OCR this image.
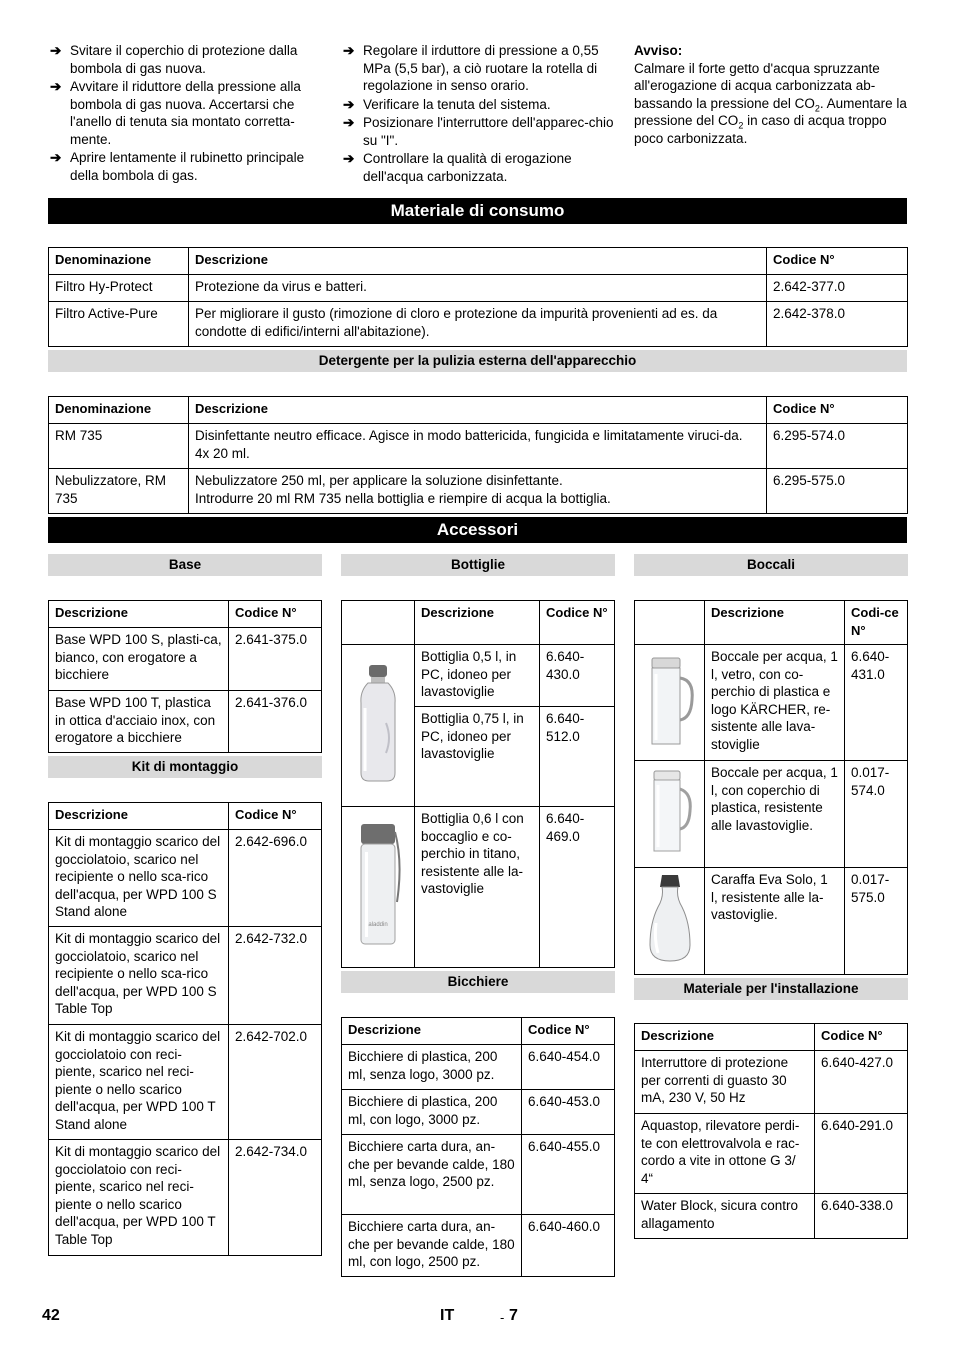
➔ Svitare il coperchio di protezione dalla bombola di gas nuova.
➔ Avvitare il riduttore della pressione alla bombola di gas nuova. Accertarsi che l'anello di tenuta sia montato corretta-mente.
➔ Aprire lentamente il rubinetto principale della bombola di gas.
➔ Regolare il irduttore di pressione a 0,55 MPa (5,5 bar), a ciò ruotare la rotella di regolazione in senso orario.
➔ Verificare la tenuta del sistema.
➔ Posizionare l'interruttore dell'apparec-chio su "I".
➔ Controllare la qualità di erogazione dell'acqua carbonizzata.
Avviso:
Calmare il forte getto d'acqua spruzzante all'erogazione di acqua carbonizzata ab-bassando la pressione del $CO_2$. Aumentare la pressione del $CO_2$ in caso di acqua troppo poco carbonizzata.
Materiale di consumo
Denominazione	Descrizione	Codice N°
Filtro Hy-Protect	Protezione da virus e batteri.	2.642-377.0
Filtro Active-Pure	Per migliorare il gusto (rimozione di cloro e protezione da impurità provenienti ad es. da condotte di edifici/interni all'abitazione).	2.642-378.0
Detergente per la pulizia esterna dell'apparecchio
Denominazione	Descrizione	Codice N°
RM 735	Disinfettante neutro efficace. Agisce in modo battericida, fungicida e limitatamente viruci-da. 4x 20 ml.	6.295-574.0
Nebulizzatore, RM 735	Nebulizzatore 250 ml, per applicare la soluzione disinfettante.
Introdurre 20 ml RM 735 nella bottiglia e riempire di acqua la bottiglia.	6.295-575.0
Accessori
Base
Descrizione	Codice N°
Base WPD 100 S, plasti-ca, bianco, con erogatore a bicchiere	2.641-375.0
Base WPD 100 T, plastica in ottica d'acciaio inox, con erogatore a bicchiere	2.641-376.0
Kit di montaggio
Descrizione	Codice N°
Kit di montaggio scarico del gocciolatoio, scarico nel recipiente o nello sca-rico dell'acqua, per WPD 100 S Stand alone	2.642-696.0
Kit di montaggio scarico del gocciolatoio, scarico nel recipiente o nello sca-rico dell'acqua, per WPD 100 S Table Top	2.642-732.0
Kit di montaggio scarico del gocciolatoio con reci-piente, scarico nel reci-piente o nello scarico dell'acqua, per WPD 100 T Stand alone	2.642-702.0
Kit di montaggio scarico del gocciolatoio con reci-piente, scarico nel reci-piente o nello scarico dell'acqua, per WPD 100 T Table Top	2.642-734.0
Bottiglie
	Descrizione	Codice N°
	Bottiglia 0,5 l, in PC, idoneo per lavastoviglie	6.640-430.0
	Bottiglia 0,75 l, in PC, idoneo per lavastoviglie	6.640-512.0

aladdin	Bottiglia 0,6 l con boccaglio e co-perchio in titano, resistente alle la-vastoviglie	6.640-469.0
Bicchiere
Descrizione	Codice N°
Bicchiere di plastica, 200 ml, senza logo, 3000 pz.	6.640-454.0
Bicchiere di plastica, 200 ml, con logo, 3000 pz.	6.640-453.0
Bicchiere carta dura, an-che per bevande calde, 180 ml, senza logo, 2500 pz.	6.640-455.0
Bicchiere carta dura, an-che per bevande calde, 180 ml, con logo, 2500 pz.	6.640-460.0
Boccali
	Descrizione	Codi-ce N°
	Boccale per acqua, 1 l, vetro, con co-perchio di plastica e logo KÄRCHER, re-sistente alle lava-stoviglie	6.640-431.0
	Boccale per acqua, 1 l, con coperchio di plastica, resistente alle lavastoviglie.	0.017-574.0
	Caraffa Eva Solo, 1 l, resistente alle la-vastoviglie.	0.017-575.0
Materiale per l'installazione
Descrizione	Codice N°
Interruttore di protezione per correnti di guasto 30 mA, 230 V, 50 Hz	6.640-427.0
Aquastop, rilevatore perdi-te con elettrovalvola e rac-cordo a vite in ottone G 3/ 4“	6.640-291.0
Water Block, sicura contro allagamento	6.640-338.0
42	IT	- 7
